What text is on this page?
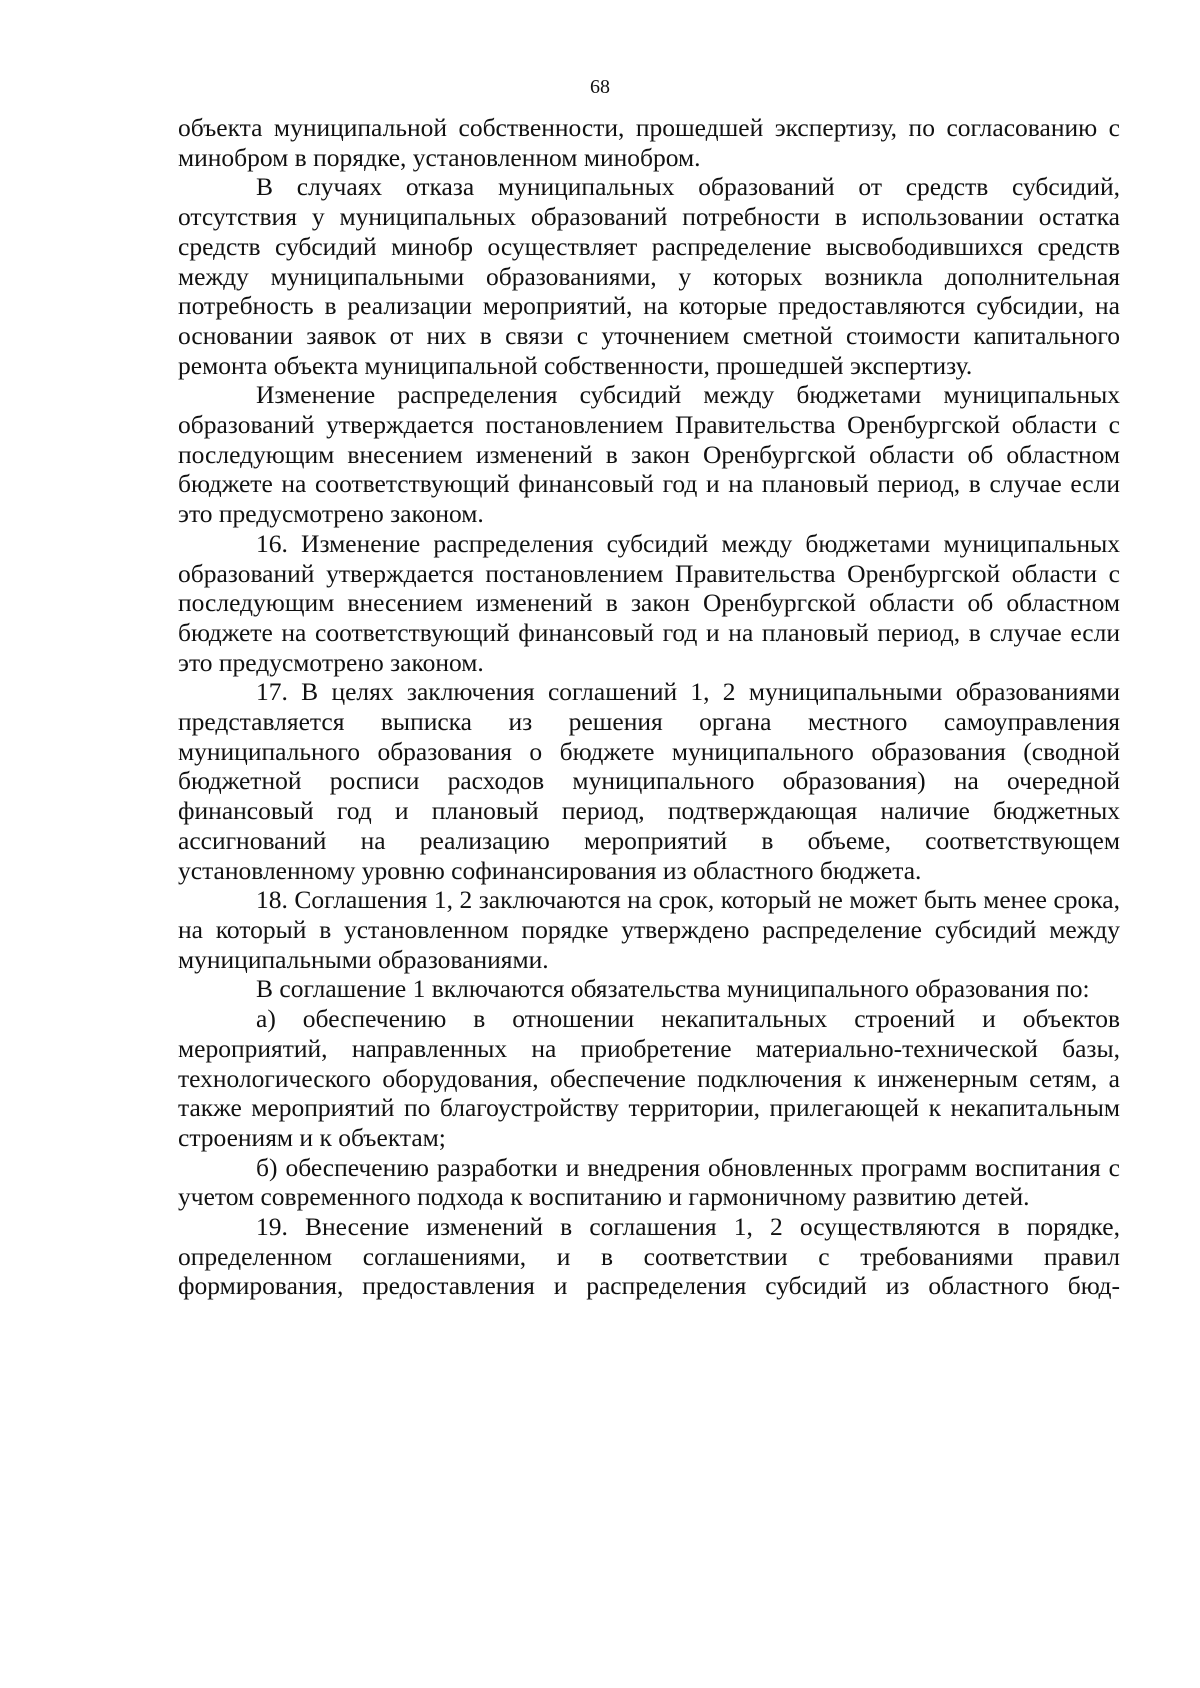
68

объекта муниципальной собственности, прошедшей экспертизу, по согласованию с минобром в порядке, установленном минобром.

В случаях отказа муниципальных образований от средств субсидий, отсутствия у муниципальных образований потребности в использовании остатка средств субсидий минобр осуществляет распределение высвободившихся средств между муниципальными образованиями, у которых возникла дополнительная потребность в реализации мероприятий, на которые предоставляются субсидии, на основании заявок от них в связи с уточнением сметной стоимости капитального ремонта объекта муниципальной собственности, прошедшей экспертизу.

Изменение распределения субсидий между бюджетами муниципальных образований утверждается постановлением Правительства Оренбургской области с последующим внесением изменений в закон Оренбургской области об областном бюджете на соответствующий финансовый год и на плановый период, в случае если это предусмотрено законом.

16. Изменение распределения субсидий между бюджетами муниципальных образований утверждается постановлением Правительства Оренбургской области с последующим внесением изменений в закон Оренбургской области об областном бюджете на соответствующий финансовый год и на плановый период, в случае если это предусмотрено законом.

17. В целях заключения соглашений 1, 2 муниципальными образованиями представляется выписка из решения органа местного самоуправления муниципального образования о бюджете муниципального образования (сводной бюджетной росписи расходов муниципального образования) на очередной финансовый год и плановый период, подтверждающая наличие бюджетных ассигнований на реализацию мероприятий в объеме, соответствующем установленному уровню софинансирования из областного бюджета.

18. Соглашения 1, 2 заключаются на срок, который не может быть менее срока, на который в установленном порядке утверждено распределение субсидий между муниципальными образованиями.

В соглашение 1 включаются обязательства муниципального образования по:

а) обеспечению в отношении некапитальных строений и объектов мероприятий, направленных на приобретение материально-технической базы, технологического оборудования, обеспечение подключения к инженерным сетям, а также мероприятий по благоустройству территории, прилегающей к некапитальным строениям и к объектам;

б) обеспечению разработки и внедрения обновленных программ воспитания с учетом современного подхода к воспитанию и гармоничному развитию детей.

19. Внесение изменений в соглашения 1, 2 осуществляются в порядке, определенном соглашениями, и в соответствии с требованиями правил формирования, предоставления и распределения субсидий из областного бюд-
